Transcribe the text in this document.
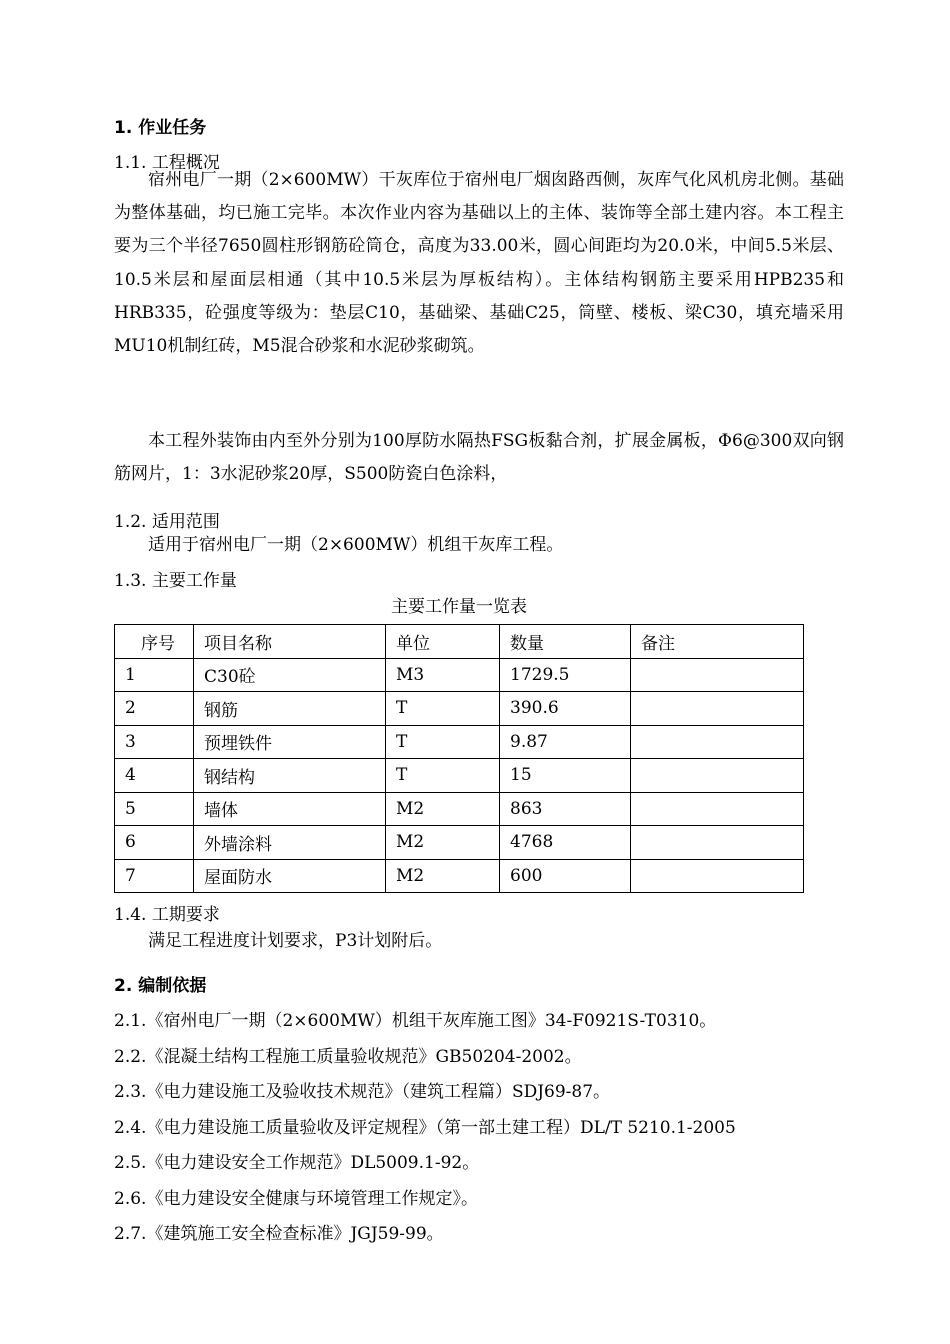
1. 作业任务
1.1. 工程概况
宿州电厂一期（2×600MW）干灰库位于宿州电厂烟囱路西侧，灰库气化风机房北侧。基础为整体基础，均已施工完毕。本次作业内容为基础以上的主体、装饰等全部土建内容。本工程主要为三个半径7650圆柱形钢筋砼筒仓，高度为33.00米，圆心间距均为20.0米，中间5.5米层、10.5米层和屋面层相通（其中10.5米层为厚板结构）。主体结构钢筋主要采用HPB235和HRB335，砼强度等级为：垫层C10，基础梁、基础C25，筒壁、楼板、梁C30，填充墙采用MU10机制红砖，M5混合砂浆和水泥砂浆砌筑。
本工程外装饰由内至外分别为100厚防水隔热FSG板黏合剂，扩展金属板，Φ6@300双向钢筋网片，1：3水泥砂浆20厚，S500防瓷白色涂料，
1.2. 适用范围
适用于宿州电厂一期（2×600MW）机组干灰库工程。
1.3. 主要工作量
主要工作量一览表
序号	项目名称	单位	数量	备注
1	C30砼	M3	1729.5	
2	钢筋	T	390.6	
3	预埋铁件	T	9.87	
4	钢结构	T	15	
5	墙体	M2	863	
6	外墙涂料	M2	4768	
7	屋面防水	M2	600	
1.4. 工期要求
满足工程进度计划要求，P3计划附后。
2. 编制依据
2.1.《宿州电厂一期（2×600MW）机组干灰库施工图》34-F0921S-T0310。
2.2.《混凝土结构工程施工质量验收规范》GB50204-2002。
2.3.《电力建设施工及验收技术规范》（建筑工程篇）SDJ69-87。
2.4.《电力建设施工质量验收及评定规程》（第一部土建工程）DL/T 5210.1-2005
2.5.《电力建设安全工作规范》DL5009.1-92。
2.6.《电力建设安全健康与环境管理工作规定》。
2.7.《建筑施工安全检查标准》JGJ59-99。
